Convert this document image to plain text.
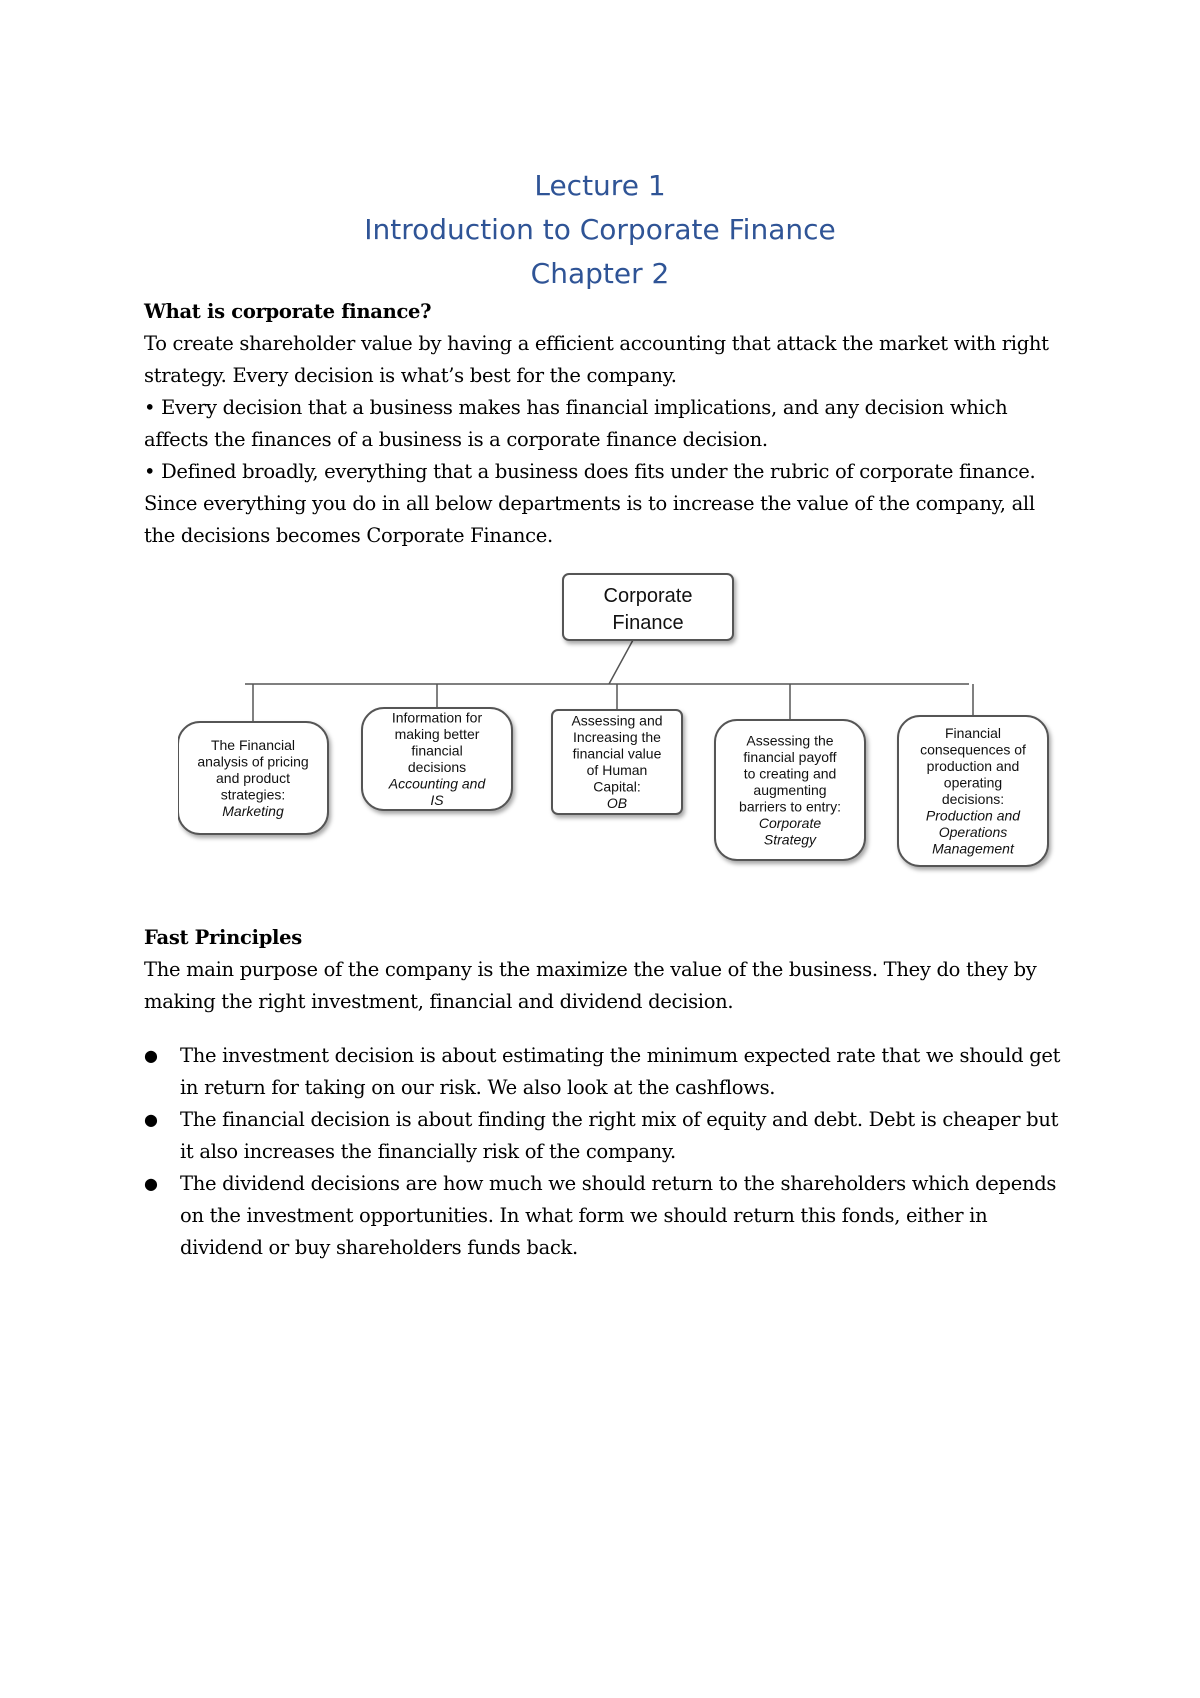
Lecture 1
Introduction to Corporate Finance
Chapter 2
What is corporate finance?
To create shareholder value by having a efficient accounting that attack the market with right strategy. Every decision is what’s best for the company.
• Every decision that a business makes has financial implications, and any decision which affects the finances of a business is a corporate finance decision.
• Defined broadly, everything that a business does fits under the rubric of corporate finance. Since everything you do in all below departments is to increase the value of the company, all the decisions becomes Corporate Finance.
Corporate
Finance
The Financial
analysis of pricing
and product
strategies:
Marketing
Information for
making better
financial
decisions
Accounting and
IS
Assessing and
Increasing the
financial value
of Human
Capital:
OB
Assessing the
financial payoff
to creating and
augmenting
barriers to entry:
Corporate
Strategy
Financial
consequences of
production and
operating
decisions:
Production and
Operations
Management
Fast Principles
The main purpose of the company is the maximize the value of the business. They do they by making the right investment, financial and dividend decision.
●	The investment decision is about estimating the minimum expected rate that we should get in return for taking on our risk. We also look at the cashflows.
●	The financial decision is about finding the right mix of equity and debt. Debt is cheaper but it also increases the financially risk of the company.
●	The dividend decisions are how much we should return to the shareholders which depends on the investment opportunities. In what form we should return this fonds, either in dividend or buy shareholders funds back.
